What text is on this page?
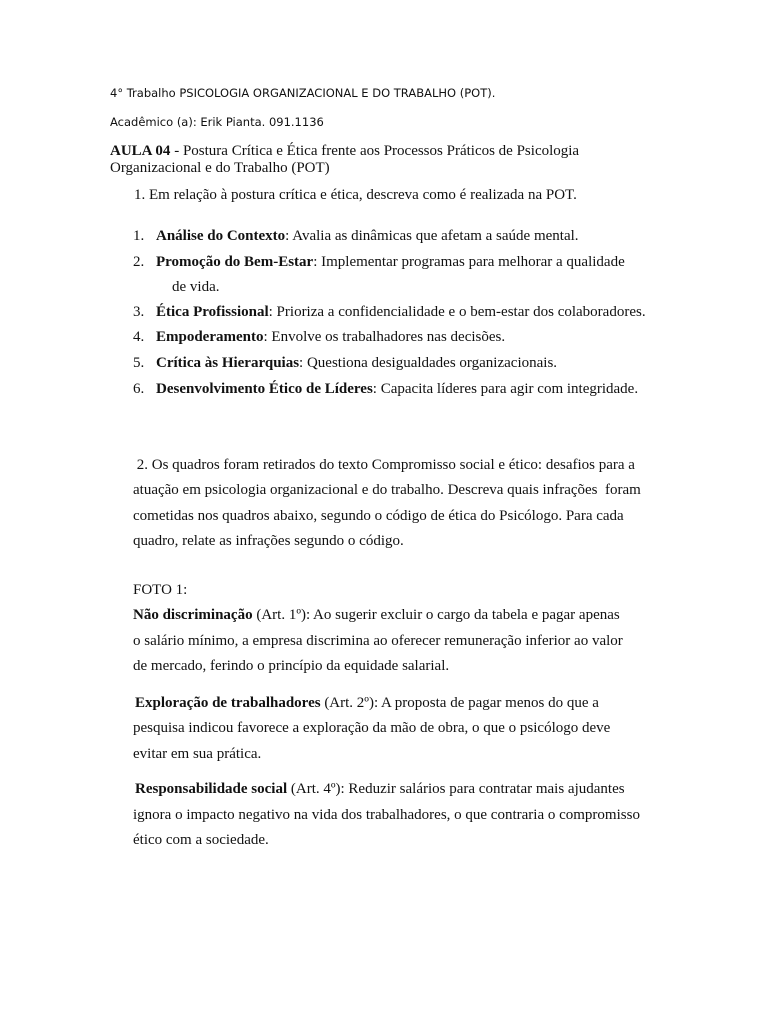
4° Trabalho PSICOLOGIA ORGANIZACIONAL E DO TRABALHO (POT).
Acadêmico (a): Erik Pianta. 091.1136
AULA 04 - Postura Crítica e Ética frente aos Processos Práticos de Psicologia
Organizacional e do Trabalho (POT)
1. Em relação à postura crítica e ética, descreva como é realizada na POT.
1. Análise do Contexto: Avalia as dinâmicas que afetam a saúde mental.
2. Promoção do Bem-Estar: Implementar programas para melhorar a qualidade
de vida.
3. Ética Profissional: Prioriza a confidencialidade e o bem-estar dos colaboradores.
4. Empoderamento: Envolve os trabalhadores nas decisões.
5. Crítica às Hierarquias: Questiona desigualdades organizacionais.
6. Desenvolvimento Ético de Líderes: Capacita líderes para agir com integridade.
2. Os quadros foram retirados do texto Compromisso social e ético: desafios para a
atuação em psicologia organizacional e do trabalho. Descreva quais infrações  foram
cometidas nos quadros abaixo, segundo o código de ética do Psicólogo. Para cada
quadro, relate as infrações segundo o código.
FOTO 1:
Não discriminação (Art. 1º): Ao sugerir excluir o cargo da tabela e pagar apenas
o salário mínimo, a empresa discrimina ao oferecer remuneração inferior ao valor
de mercado, ferindo o princípio da equidade salarial.
Exploração de trabalhadores (Art. 2º): A proposta de pagar menos do que a
pesquisa indicou favorece a exploração da mão de obra, o que o psicólogo deve
evitar em sua prática.
Responsabilidade social (Art. 4º): Reduzir salários para contratar mais ajudantes
ignora o impacto negativo na vida dos trabalhadores, o que contraria o compromisso
ético com a sociedade.
